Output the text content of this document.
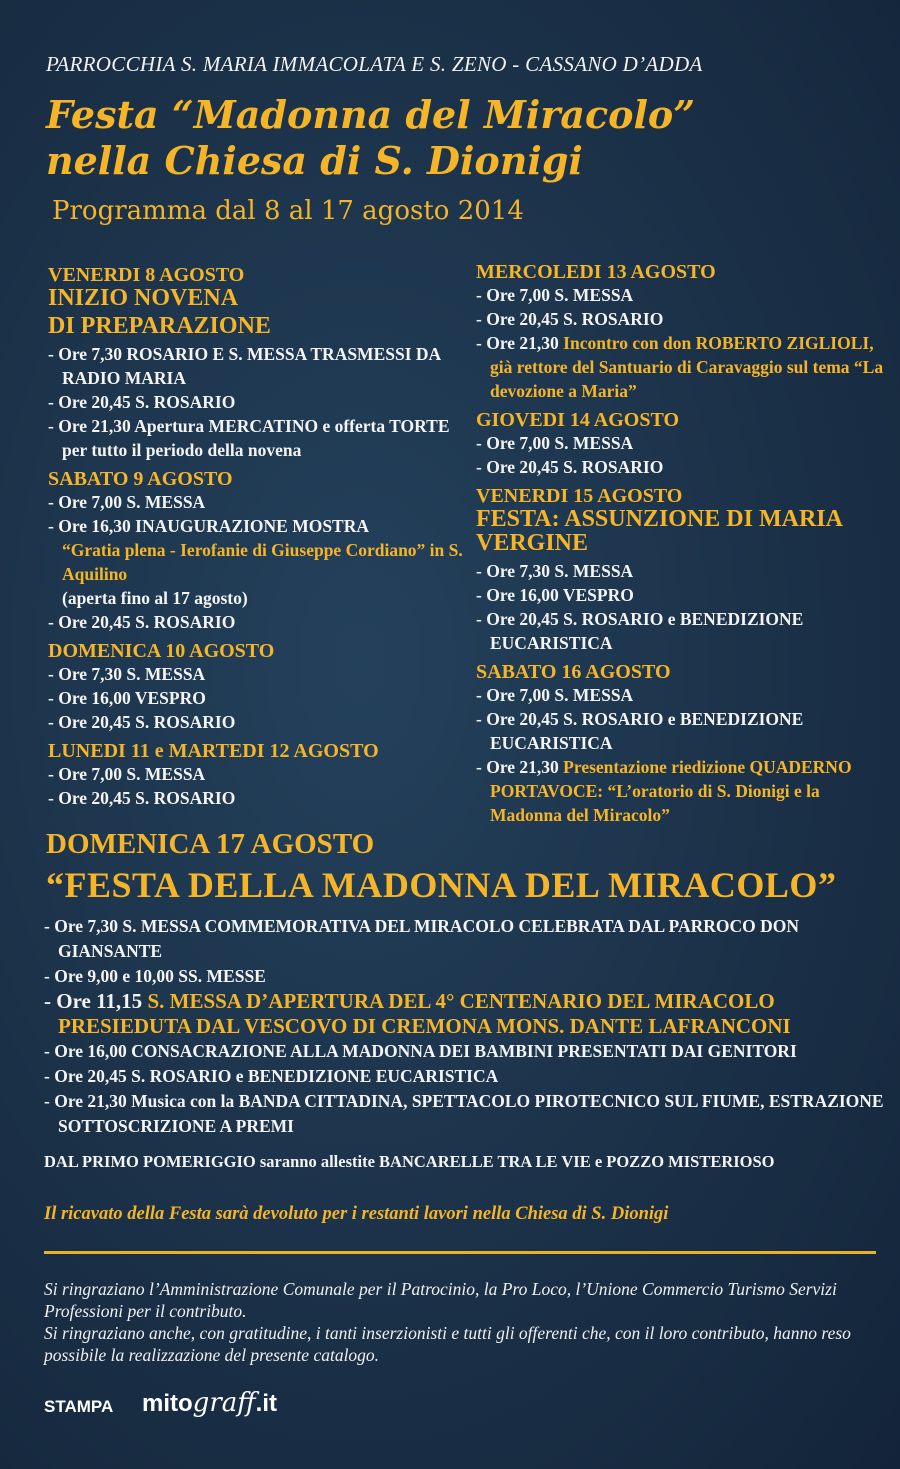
PARROCCHIA S. MARIA IMMACOLATA E S. ZENO - CASSANO D’ADDA
Festa “Madonna del Miracolo”
nella Chiesa di S. Dionigi
Programma dal 8 al 17 agosto 2014
VENERDI 8 AGOSTO
INIZIO NOVENA
DI PREPARAZIONE
- Ore 7,30 ROSARIO E S. MESSA TRASMESSI DA RADIO MARIA
- Ore 20,45 S. ROSARIO
- Ore 21,30 Apertura MERCATINO e offerta TORTE per tutto il periodo della novena
SABATO 9 AGOSTO
- Ore 7,00 S. MESSA
- Ore 16,30 INAUGURAZIONE MOSTRA
“Gratia plena - Ierofanie di Giuseppe Cordiano” in S. Aquilino
(aperta fino al 17 agosto)
- Ore 20,45 S. ROSARIO
DOMENICA 10 AGOSTO
- Ore 7,30 S. MESSA
- Ore 16,00 VESPRO
- Ore 20,45 S. ROSARIO
LUNEDI 11 e MARTEDI 12 AGOSTO
- Ore 7,00 S. MESSA
- Ore 20,45 S. ROSARIO
MERCOLEDI 13 AGOSTO
- Ore 7,00 S. MESSA
- Ore 20,45 S. ROSARIO
- Ore 21,30 Incontro con don ROBERTO ZIGLIOLI, già rettore del Santuario di Caravaggio sul tema “La devozione a Maria”
GIOVEDI 14 AGOSTO
- Ore 7,00 S. MESSA
- Ore 20,45 S. ROSARIO
VENERDI 15 AGOSTO
FESTA: ASSUNZIONE DI MARIA VERGINE
- Ore 7,30 S. MESSA
- Ore 16,00 VESPRO
- Ore 20,45 S. ROSARIO e BENEDIZIONE EUCARISTICA
SABATO 16 AGOSTO
- Ore 7,00 S. MESSA
- Ore 20,45 S. ROSARIO e BENEDIZIONE EUCARISTICA
- Ore 21,30 Presentazione riedizione QUADERNO PORTAVOCE: “L’oratorio di S. Dionigi e la Madonna del Miracolo”
DOMENICA 17 AGOSTO
“FESTA DELLA MADONNA DEL MIRACOLO”
- Ore 7,30 S. MESSA COMMEMORATIVA DEL MIRACOLO CELEBRATA DAL PARROCO DON GIANSANTE
- Ore 9,00 e 10,00 SS. MESSE
- Ore 11,15 S. MESSA D’APERTURA DEL 4° CENTENARIO DEL MIRACOLO PRESIEDUTA DAL VESCOVO DI CREMONA MONS. DANTE LAFRANCONI
- Ore 16,00 CONSACRAZIONE ALLA MADONNA DEI BAMBINI PRESENTATI DAI GENITORI
- Ore 20,45 S. ROSARIO e BENEDIZIONE EUCARISTICA
- Ore 21,30 Musica con la BANDA CITTADINA, SPETTACOLO PIROTECNICO SUL FIUME, ESTRAZIONE SOTTOSCRIZIONE A PREMI
DAL PRIMO POMERIGGIO saranno allestite BANCARELLE TRA LE VIE e POZZO MISTERIOSO
Il ricavato della Festa sarà devoluto per i restanti lavori nella Chiesa di S. Dionigi

Si ringraziano l’Amministrazione Comunale per il Patrocinio, la Pro Loco, l’Unione Commercio Turismo Servizi Professioni per il contributo.

Si ringraziano anche, con gratitudine, i tanti inserzionisti e tutti gli offerenti che, con il loro contributo, hanno reso possibile la realizzazione del presente catalogo.

STAMPA mitograff.it
